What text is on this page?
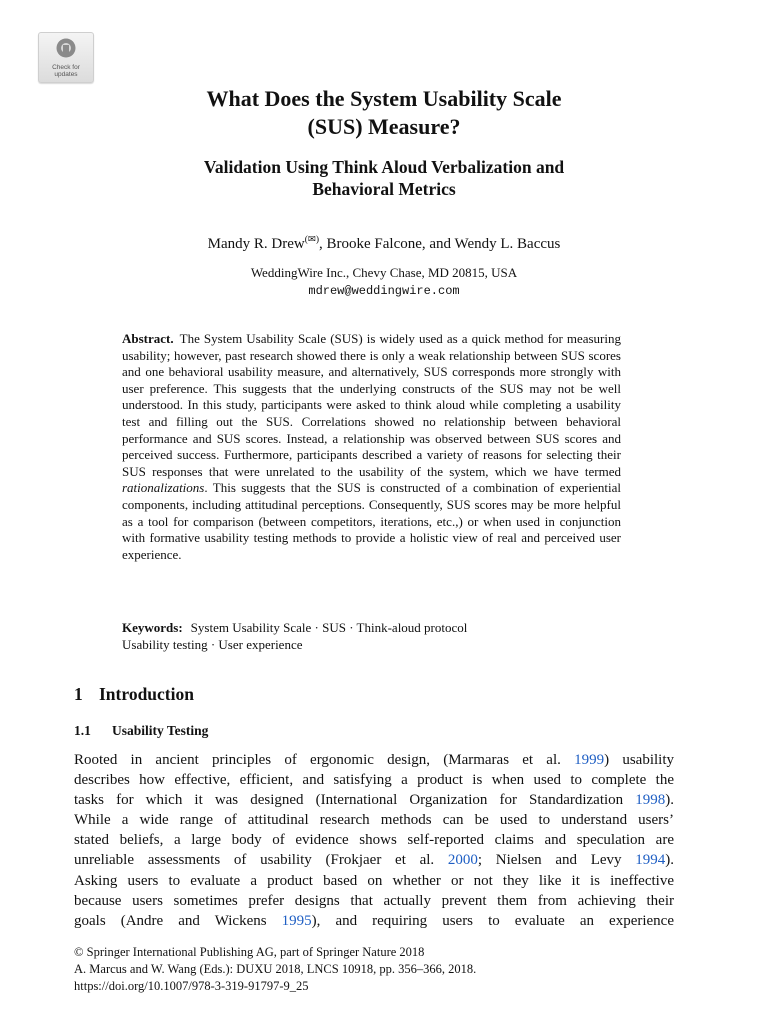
Check for
updates
What Does the System Usability Scale
(SUS) Measure?
Validation Using Think Aloud Verbalization and
Behavioral Metrics
Mandy R. Drew(✉), Brooke Falcone, and Wendy L. Baccus
WeddingWire Inc., Chevy Chase, MD 20815, USA
mdrew@weddingwire.com
Abstract. The System Usability Scale (SUS) is widely used as a quick method for measuring usability; however, past research showed there is only a weak relationship between SUS scores and one behavioral usability measure, and alternatively, SUS corresponds more strongly with user preference. This suggests that the underlying constructs of the SUS may not be well understood. In this study, participants were asked to think aloud while completing a usability test and filling out the SUS. Correlations showed no relationship between behavioral performance and SUS scores. Instead, a relationship was observed between SUS scores and perceived success. Furthermore, participants described a variety of reasons for selecting their SUS responses that were unrelated to the usability of the system, which we have termed rationalizations. This suggests that the SUS is constructed of a combination of experiential components, including attitudinal perceptions. Consequently, SUS scores may be more helpful as a tool for comparison (between competitors, iterations, etc.,) or when used in conjunction with formative usability testing methods to provide a holistic view of real and perceived user experience.
Keywords: System Usability Scale · SUS · Think-aloud protocol
Usability testing · User experience
1 Introduction
1.1 Usability Testing
Rooted in ancient principles of ergonomic design, (Marmaras et al. 1999) usability
describes how effective, efficient, and satisfying a product is when used to complete the
tasks for which it was designed (International Organization for Standardization 1998).
While a wide range of attitudinal research methods can be used to understand users’
stated beliefs, a large body of evidence shows self-reported claims and speculation are
unreliable assessments of usability (Frokjaer et al. 2000; Nielsen and Levy 1994).
Asking users to evaluate a product based on whether or not they like it is ineffective
because users sometimes prefer designs that actually prevent them from achieving their
goals (Andre and Wickens 1995), and requiring users to evaluate an experience
© Springer International Publishing AG, part of Springer Nature 2018
A. Marcus and W. Wang (Eds.): DUXU 2018, LNCS 10918, pp. 356–366, 2018.
https://doi.org/10.1007/978-3-319-91797-9_25
